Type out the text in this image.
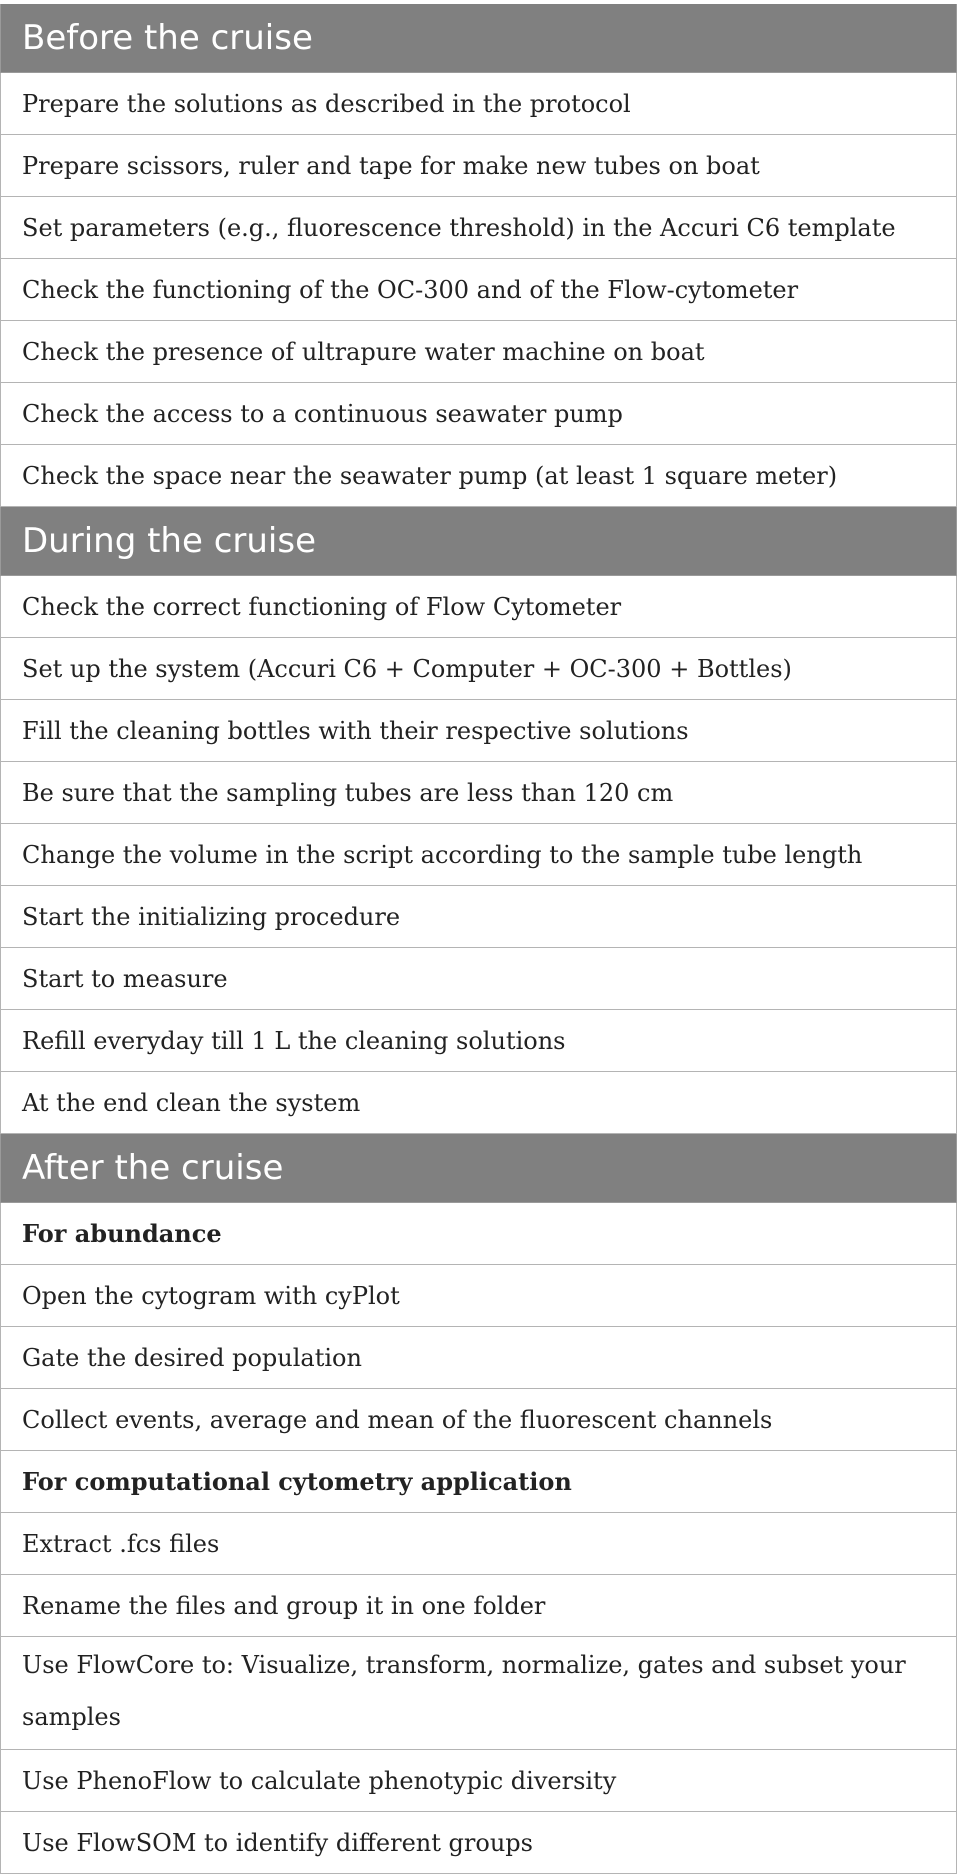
Before the cruise
Prepare the solutions as described in the protocol
Prepare scissors, ruler and tape for make new tubes on boat
Set parameters (e.g., fluorescence threshold) in the Accuri C6 template
Check the functioning of the OC-300 and of the Flow-cytometer
Check the presence of ultrapure water machine on boat
Check the access to a continuous seawater pump
Check the space near the seawater pump (at least 1 square meter)
During the cruise
Check the correct functioning of Flow Cytometer
Set up the system (Accuri C6 + Computer + OC-300 + Bottles)
Fill the cleaning bottles with their respective solutions
Be sure that the sampling tubes are less than 120 cm
Change the volume in the script according to the sample tube length
Start the initializing procedure
Start to measure
Refill everyday till 1 L the cleaning solutions
At the end clean the system
After the cruise
For abundance
Open the cytogram with cyPlot
Gate the desired population
Collect events, average and mean of the fluorescent channels
For computational cytometry application
Extract .fcs files
Rename the files and group it in one folder
Use FlowCore to: Visualize, transform, normalize, gates and subset your samples
Use PhenoFlow to calculate phenotypic diversity
Use FlowSOM to identify different groups
